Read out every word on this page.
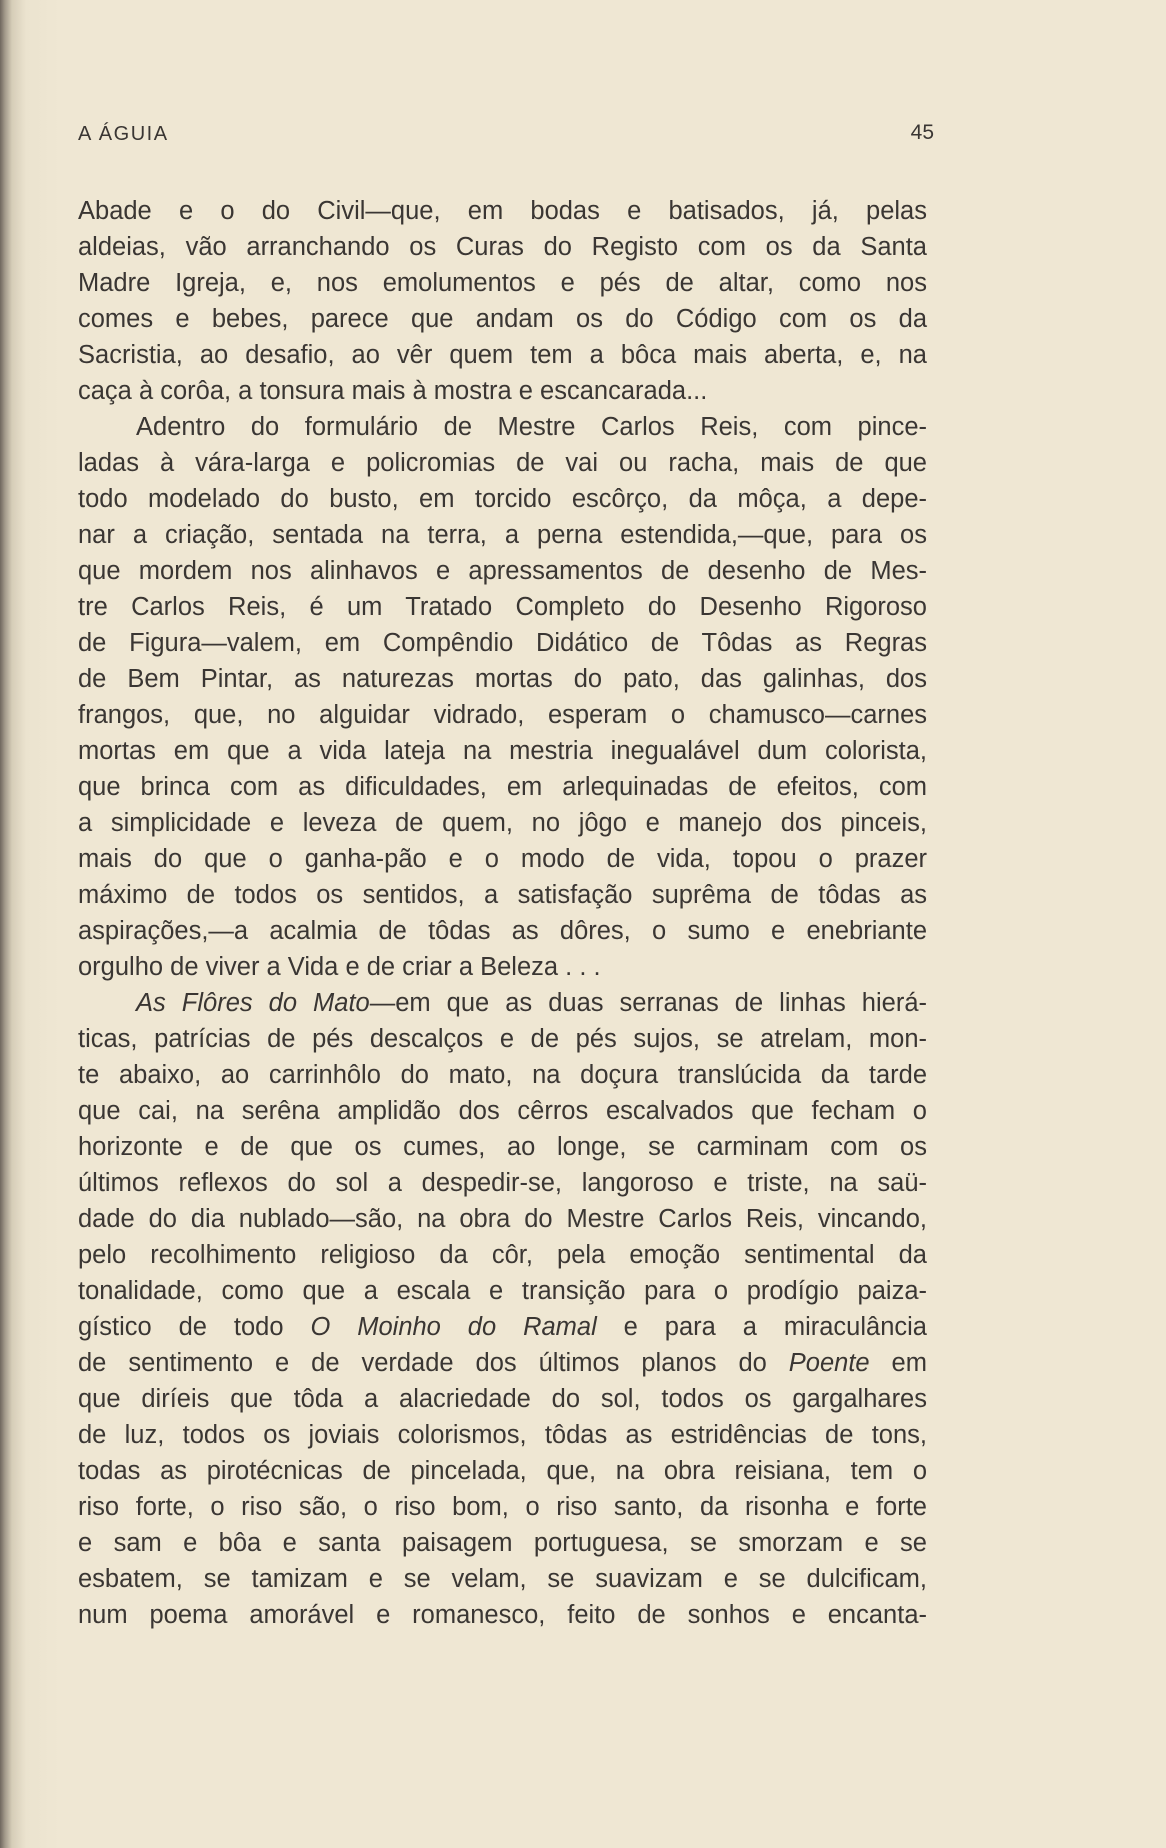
A ÁGUIA	45
Abade e o do Civil—que, em bodas e batisados, já, pelas
aldeias, vão arranchando os Curas do Registo com os da Santa
Madre Igreja, e, nos emolumentos e pés de altar, como nos
comes e bebes, parece que andam os do Código com os da
Sacristia, ao desafio, ao vêr quem tem a bôca mais aberta, e, na
caça à corôa, a tonsura mais à mostra e escancarada...
Adentro do formulário de Mestre Carlos Reis, com pince-
ladas à vára-larga e policromias de vai ou racha, mais de que
todo modelado do busto, em torcido escôrço, da môça, a depe-
nar a criação, sentada na terra, a perna estendida,—que, para os
que mordem nos alinhavos e apressamentos de desenho de Mes-
tre Carlos Reis, é um Tratado Completo do Desenho Rigoroso
de Figura—valem, em Compêndio Didático de Tôdas as Regras
de Bem Pintar, as naturezas mortas do pato, das galinhas, dos
frangos, que, no alguidar vidrado, esperam o chamusco—carnes
mortas em que a vida lateja na mestria inegualável dum colorista,
que brinca com as dificuldades, em arlequinadas de efeitos, com
a simplicidade e leveza de quem, no jôgo e manejo dos pinceis,
mais do que o ganha-pão e o modo de vida, topou o prazer
máximo de todos os sentidos, a satisfação suprêma de tôdas as
aspirações,—a acalmia de tôdas as dôres, o sumo e enebriante
orgulho de viver a Vida e de criar a Beleza . . .
As Flôres do Mato—em que as duas serranas de linhas hierá-
ticas, patrícias de pés descalços e de pés sujos, se atrelam, mon-
te abaixo, ao carrinhôlo do mato, na doçura translúcida da tarde
que cai, na serêna amplidão dos cêrros escalvados que fecham o
horizonte e de que os cumes, ao longe, se carminam com os
últimos reflexos do sol a despedir-se, langoroso e triste, na saü-
dade do dia nublado—são, na obra do Mestre Carlos Reis, vincando,
pelo recolhimento religioso da côr, pela emoção sentimental da
tonalidade, como que a escala e transição para o prodígio paiza-
gístico de todo O Moinho do Ramal e para a miraculância
de sentimento e de verdade dos últimos planos do Poente em
que diríeis que tôda a alacriedade do sol, todos os gargalhares
de luz, todos os joviais colorismos, tôdas as estridências de tons,
todas as pirotécnicas de pincelada, que, na obra reisiana, tem o
riso forte, o riso são, o riso bom, o riso santo, da risonha e forte
e sam e bôa e santa paisagem portuguesa, se smorzam e se
esbatem, se tamizam e se velam, se suavizam e se dulcificam,
num poema amorável e romanesco, feito de sonhos e encanta-
